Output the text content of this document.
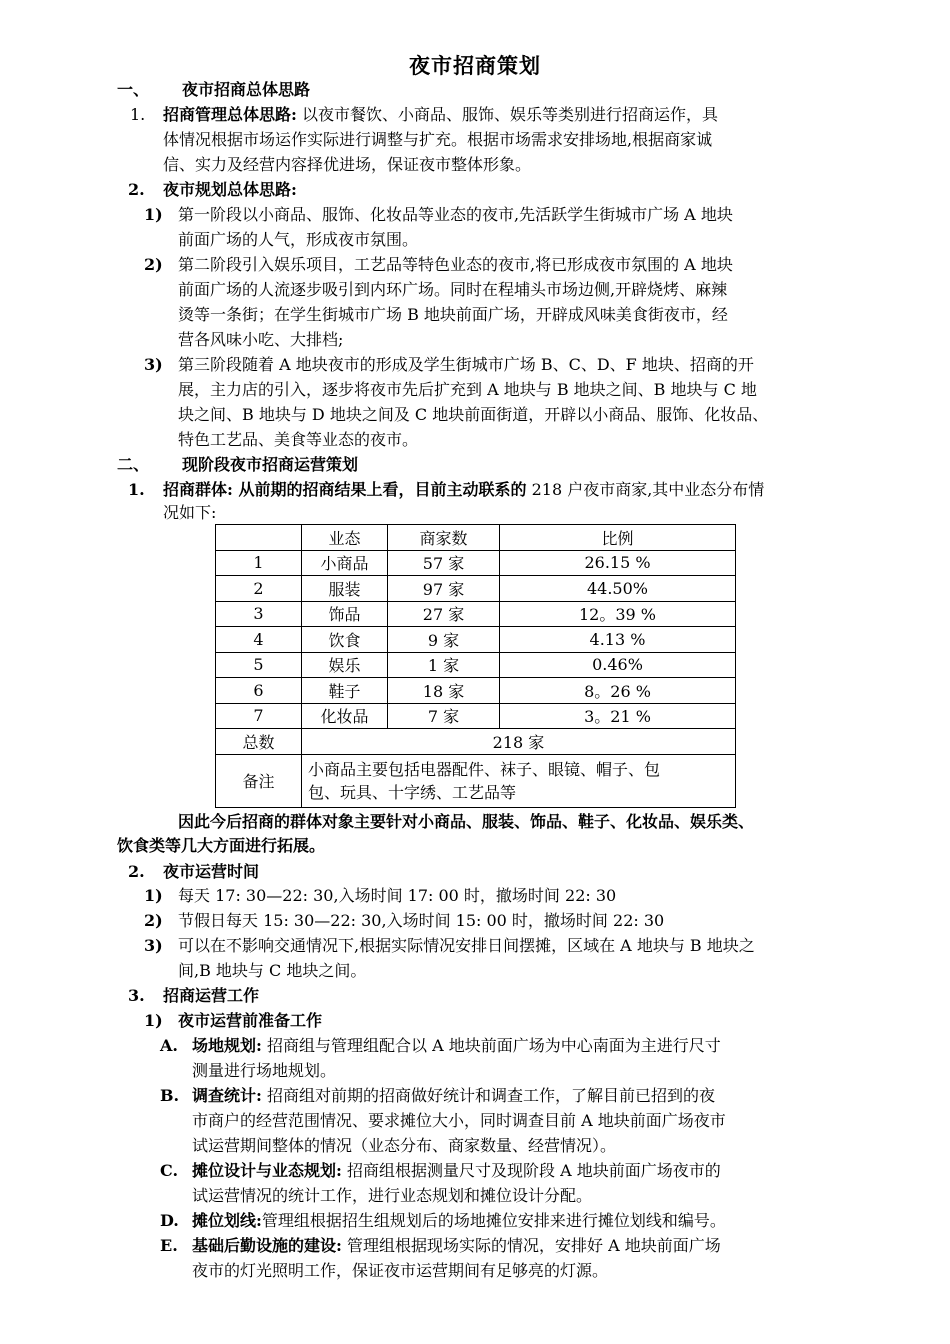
夜市招商策划
一、 夜市招商总体思路
1. 招商管理总体思路: 以夜市餐饮、小商品、服饰、娱乐等类别进行招商运作，具
体情况根据市场运作实际进行调整与扩充。根据市场需求安排场地,根据商家诚
信、实力及经营内容择优进场，保证夜市整体形象。
2. 夜市规划总体思路:
1) 第一阶段以小商品、服饰、化妆品等业态的夜市,先活跃学生街城市广场 A 地块
前面广场的人气，形成夜市氛围。
2) 第二阶段引入娱乐项目，工艺品等特色业态的夜市,将已形成夜市氛围的 A 地块
前面广场的人流逐步吸引到内环广场。同时在程埔头市场边侧,开辟烧烤、麻辣
烫等一条街；在学生街城市广场 B 地块前面广场，开辟成风味美食街夜市，经
营各风味小吃、大排档;
3) 第三阶段随着 A 地块夜市的形成及学生街城市广场 B、C、D、F 地块、招商的开
展，主力店的引入，逐步将夜市先后扩充到 A 地块与 B 地块之间、B 地块与 C 地
块之间、B 地块与 D 地块之间及 C 地块前面街道，开辟以小商品、服饰、化妆品、
特色工艺品、美食等业态的夜市。
二、 现阶段夜市招商运营策划
1. 招商群体: 从前期的招商结果上看，目前主动联系的 218 户夜市商家,其中业态分布情
况如下:
	业态	商家数	比例
1	小商品	57 家	26.15 %
2	服装	97 家	44.50%
3	饰品	27 家	12。39 %
4	饮食	9 家	4.13 %
5	娱乐	1 家	0.46%
6	鞋子	18 家	8。26 %
7	化妆品	7 家	3。21 %
总数	218 家		
备注	小商品主要包括电器配件、袜子、眼镜、帽子、包
包、玩具、十字绣、工艺品等		
因此今后招商的群体对象主要针对小商品、服装、饰品、鞋子、化妆品、娱乐类、
饮食类等几大方面进行拓展。
2. 夜市运营时间
1) 每天 17: 30—22: 30,入场时间 17: 00 时，撤场时间 22: 30
2) 节假日每天 15: 30—22: 30,入场时间 15: 00 时，撤场时间 22: 30
3) 可以在不影响交通情况下,根据实际情况安排日间摆摊，区域在 A 地块与 B 地块之
间,B 地块与 C 地块之间。
3. 招商运营工作
1) 夜市运营前准备工作
A. 场地规划: 招商组与管理组配合以 A 地块前面广场为中心南面为主进行尺寸
测量进行场地规划。
B. 调查统计: 招商组对前期的招商做好统计和调查工作，了解目前已招到的夜
市商户的经营范围情况、要求摊位大小，同时调查目前 A 地块前面广场夜市
试运营期间整体的情况（业态分布、商家数量、经营情况）。
C. 摊位设计与业态规划: 招商组根据测量尺寸及现阶段 A 地块前面广场夜市的
试运营情况的统计工作，进行业态规划和摊位设计分配。
D. 摊位划线:管理组根据招生组规划后的场地摊位安排来进行摊位划线和编号。
E. 基础后勤设施的建设: 管理组根据现场实际的情况，安排好 A 地块前面广场
夜市的灯光照明工作，保证夜市运营期间有足够亮的灯源。
